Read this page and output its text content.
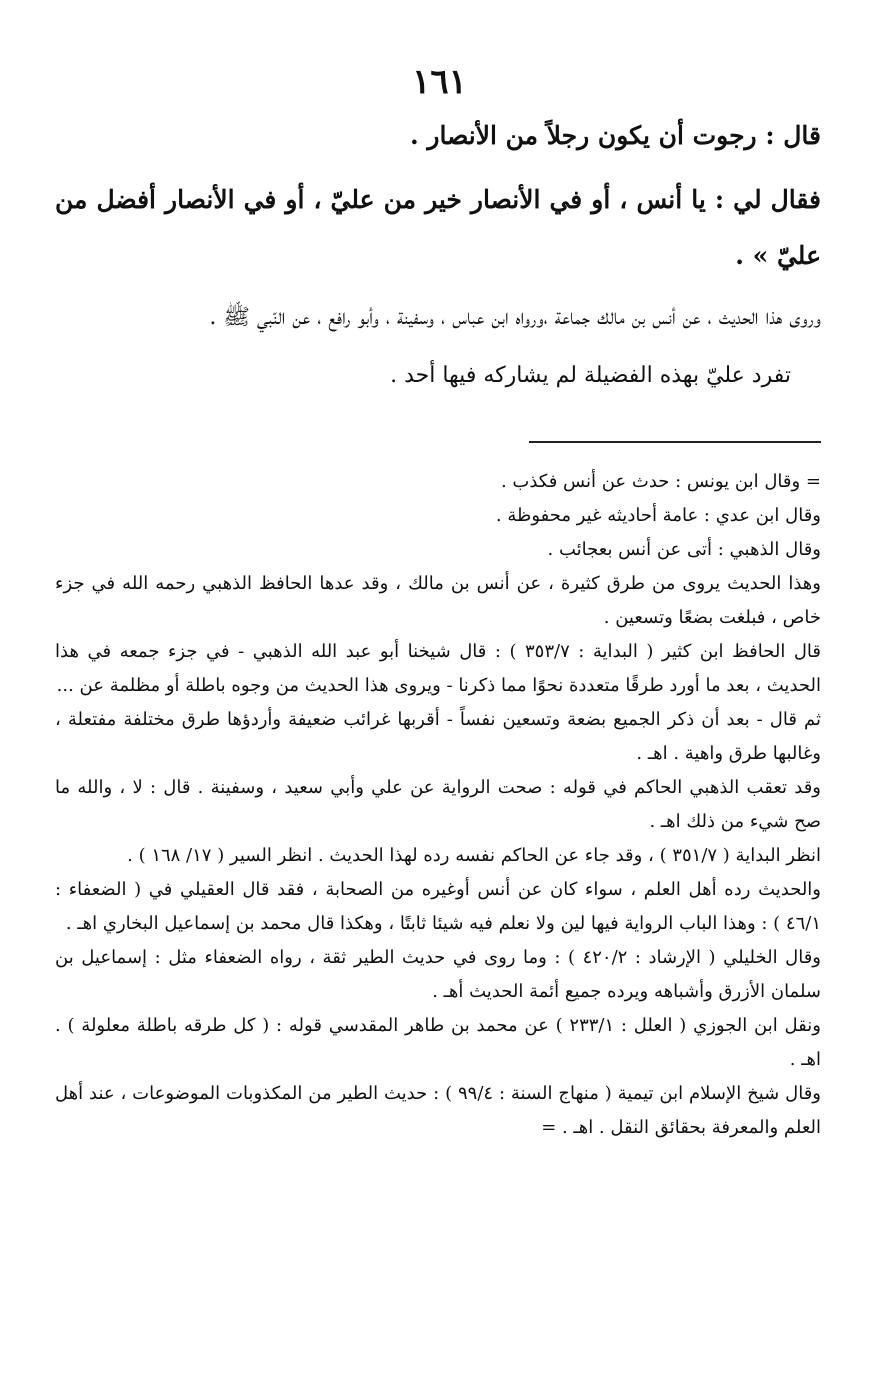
١٦١

قال : رجوت أن يكون رجلاً من الأنصار .

فقال لي : يا أنس ، أو في الأنصار خير من عليّ ، أو في الأنصار أفضل من عليّ » .

وروى هذا الحديث ، عن أنس بن مالك جماعة ،ورواه ابن عباس ، وسفينة ، وأبو رافع ، عن النّبي ﷺ .

تفرد عليّ بهذه الفضيلة لم يشاركه فيها أحد .

= وقال ابن يونس : حدث عن أنس فكذب .

وقال ابن عدي : عامة أحاديثه غير محفوظة .

وقال الذهبي : أتى عن أنس بعجائب .

وهذا الحديث يروى من طرق كثيرة ، عن أنس بن مالك ، وقد عدها الحافظ الذهبي رحمه الله في جزء خاص ، فبلغت بضعًا وتسعين .

قال الحافظ ابن كثير ( البداية : ٣٥٣/٧ ) : قال شيخنا أبو عبد الله الذهبي - في جزء جمعه في هذا الحديث ، بعد ما أورد طرقًا متعددة نحوًا مما ذكرنا - ويروى هذا الحديث من وجوه باطلة أو مظلمة عن ...

ثم قال - بعد أن ذكر الجميع بضعة وتسعين نفساً - أقربها غرائب ضعيفة وأردؤها طرق مختلفة مفتعلة ، وغالبها طرق واهية . اهـ .

وقد تعقب الذهبي الحاكم في قوله : صحت الرواية عن علي وأبي سعيد ، وسفينة . قال : لا ، والله ما صح شيء من ذلك اهـ .

انظر البداية ( ٣٥١/٧ ) ، وقد جاء عن الحاكم نفسه رده لهذا الحديث . انظر السير ( ١٧/ ١٦٨ ) .

والحديث رده أهل العلم ، سواء كان عن أنس أوغيره من الصحابة ، فقد قال العقيلي في ( الضعفاء : ٤٦/١ ) : وهذا الباب الرواية فيها لين ولا نعلم فيه شيئا ثابتًا ، وهكذا قال محمد بن إسماعيل البخاري اهـ .

وقال الخليلي ( الإرشاد : ٤٢٠/٢ ) : وما روى في حديث الطير ثقة ، رواه الضعفاء مثل : إسماعيل بن سلمان الأزرق وأشباهه ويرده جميع أئمة الحديث أهـ .

ونقل ابن الجوزي ( العلل : ٢٣٣/١ ) عن محمد بن طاهر المقدسي قوله : ( كل طرقه باطلة معلولة ) . اهـ .

وقال شيخ الإسلام ابن تيمية ( منهاج السنة : ٩٩/٤ ) : حديث الطير من المكذوبات الموضوعات ، عند أهل العلم والمعرفة بحقائق النقل . اهـ . =
